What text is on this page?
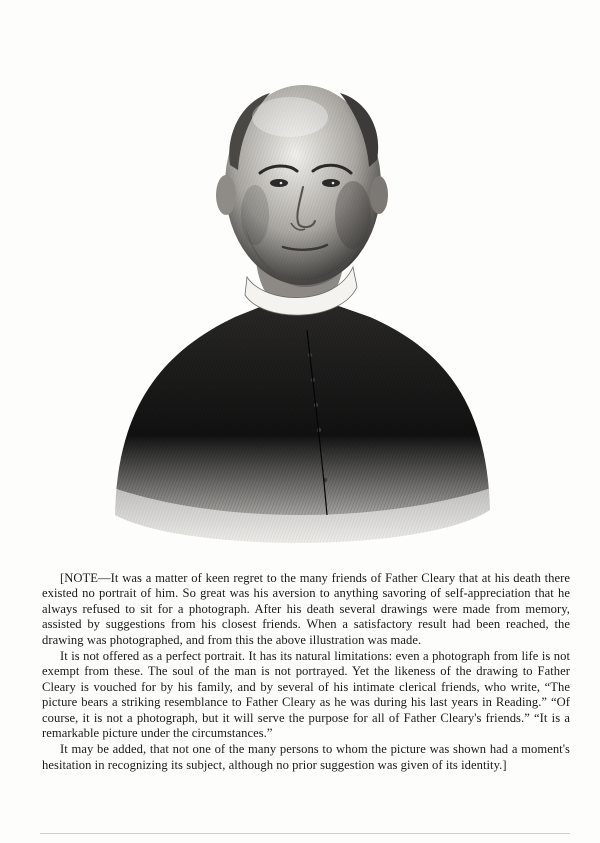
[NOTE—It was a matter of keen regret to the many friends of Father Cleary that at his death there existed no portrait of him. So great was his aversion to anything savoring of self-appreciation that he always refused to sit for a photograph. After his death several drawings were made from memory, assisted by suggestions from his closest friends. When a satisfactory result had been reached, the drawing was photographed, and from this the above illustration was made.

It is not offered as a perfect portrait. It has its natural limitations: even a photograph from life is not exempt from these. The soul of the man is not portrayed. Yet the likeness of the drawing to Father Cleary is vouched for by his family, and by several of his intimate clerical friends, who write, “The picture bears a striking resemblance to Father Cleary as he was during his last years in Reading.” “Of course, it is not a photograph, but it will serve the purpose for all of Father Cleary's friends.” “It is a remarkable picture under the circumstances.”

It may be added, that not one of the many persons to whom the picture was shown had a moment's hesitation in recognizing its subject, although no prior suggestion was given of its identity.]
